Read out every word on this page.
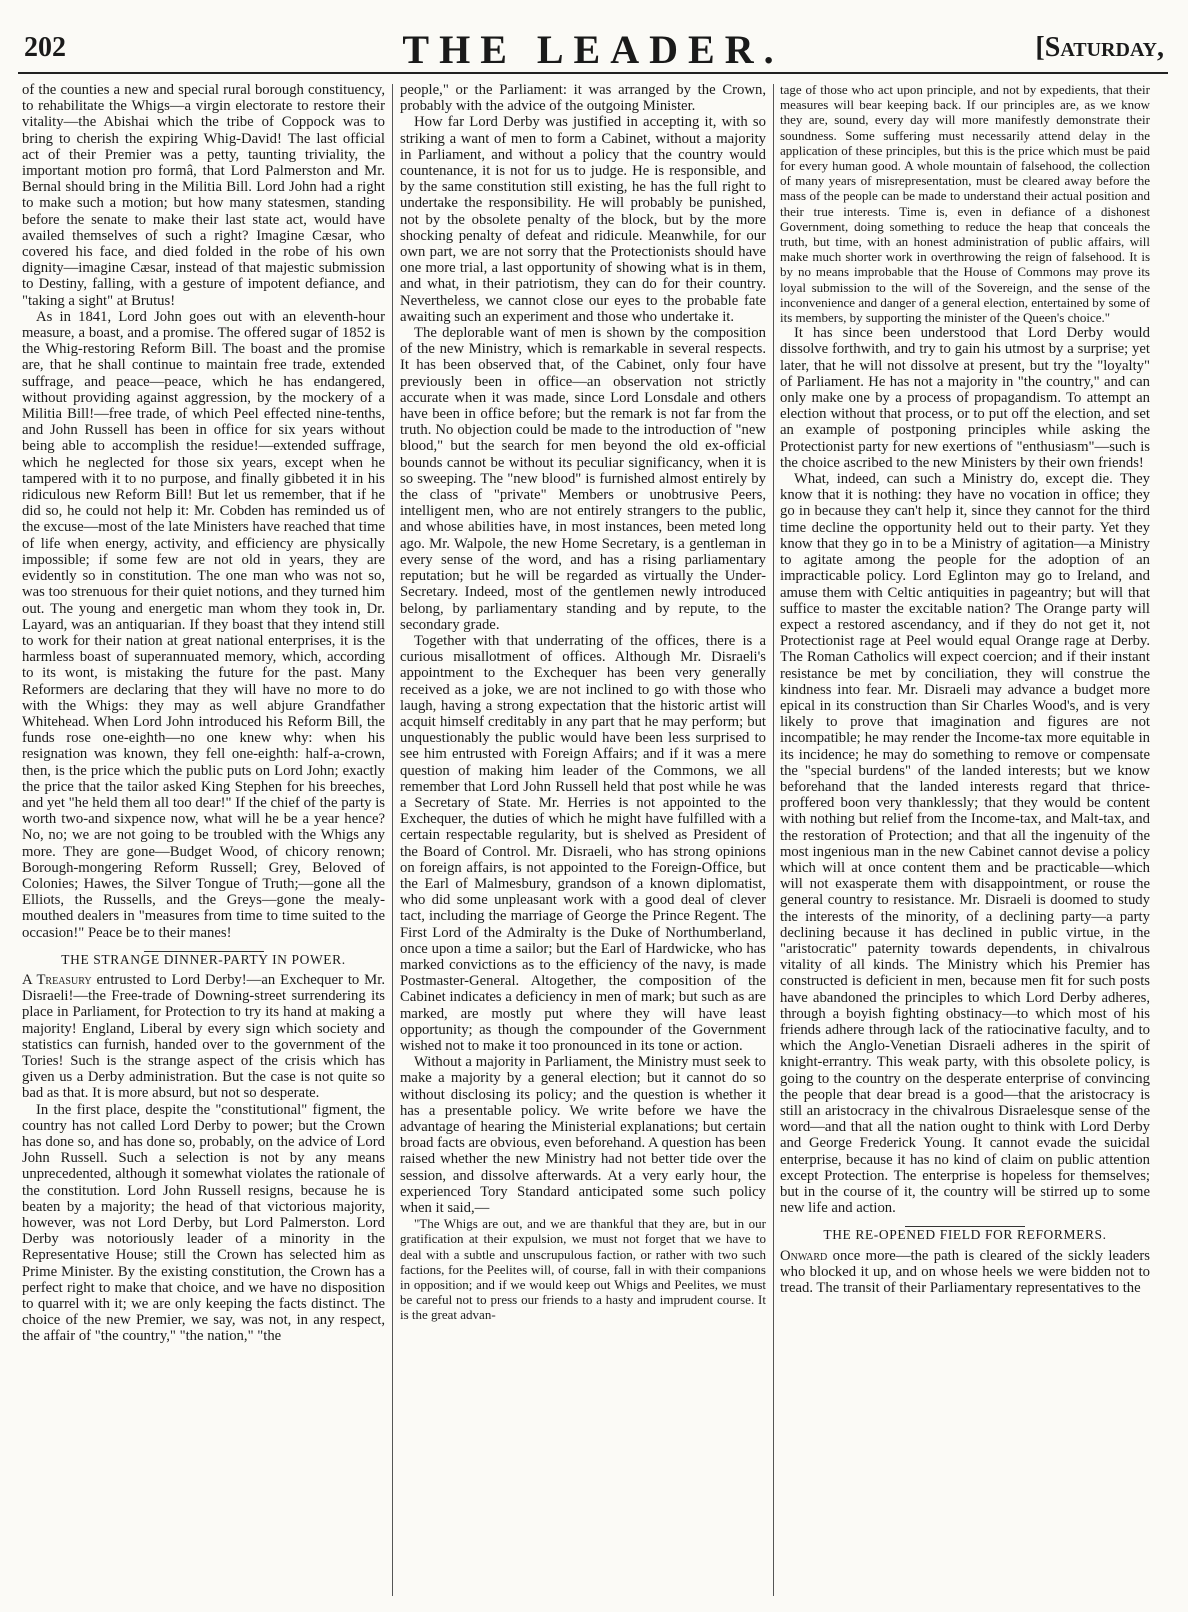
202	THE LEADER.	[Saturday,

of the counties a new and special rural borough constituency, to rehabilitate the Whigs—a virgin electorate to restore their vitality—the Abishai which the tribe of Coppock was to bring to cherish the expiring Whig-David! The last official act of their Premier was a petty, taunting triviality, the important motion pro formâ, that Lord Palmerston and Mr. Bernal should bring in the Militia Bill. Lord John had a right to make such a motion; but how many statesmen, standing before the senate to make their last state act, would have availed themselves of such a right? Imagine Cæsar, who covered his face, and died folded in the robe of his own dignity—imagine Cæsar, instead of that majestic submission to Destiny, falling, with a gesture of impotent defiance, and "taking a sight" at Brutus!

As in 1841, Lord John goes out with an eleventh-hour measure, a boast, and a promise. The offered sugar of 1852 is the Whig-restoring Reform Bill. The boast and the promise are, that he shall continue to maintain free trade, extended suffrage, and peace—peace, which he has endangered, without providing against aggression, by the mockery of a Militia Bill!—free trade, of which Peel effected nine-tenths, and John Russell has been in office for six years without being able to accomplish the residue!—extended suffrage, which he neglected for those six years, except when he tampered with it to no purpose, and finally gibbeted it in his ridiculous new Reform Bill! But let us remember, that if he did so, he could not help it: Mr. Cobden has reminded us of the excuse—most of the late Ministers have reached that time of life when energy, activity, and efficiency are physically impossible; if some few are not old in years, they are evidently so in constitution. The one man who was not so, was too strenuous for their quiet notions, and they turned him out. The young and energetic man whom they took in, Dr. Layard, was an antiquarian. If they boast that they intend still to work for their nation at great national enterprises, it is the harmless boast of superannuated memory, which, according to its wont, is mistaking the future for the past. Many Reformers are declaring that they will have no more to do with the Whigs: they may as well abjure Grandfather Whitehead. When Lord John introduced his Reform Bill, the funds rose one-eighth—no one knew why: when his resignation was known, they fell one-eighth: half-a-crown, then, is the price which the public puts on Lord John; exactly the price that the tailor asked King Stephen for his breeches, and yet "he held them all too dear!" If the chief of the party is worth two-and sixpence now, what will he be a year hence? No, no; we are not going to be troubled with the Whigs any more. They are gone—Budget Wood, of chicory renown; Borough-mongering Reform Russell; Grey, Beloved of Colonies; Hawes, the Silver Tongue of Truth;—gone all the Elliots, the Russells, and the Greys—gone the mealy-mouthed dealers in "measures from time to time suited to the occasion!" Peace be to their manes!

THE STRANGE DINNER-PARTY IN POWER.

A Treasury entrusted to Lord Derby!—an Exchequer to Mr. Disraeli!—the Free-trade of Downing-street surrendering its place in Parliament, for Protection to try its hand at making a majority! England, Liberal by every sign which society and statistics can furnish, handed over to the government of the Tories! Such is the strange aspect of the crisis which has given us a Derby administration. But the case is not quite so bad as that. It is more absurd, but not so desperate.

In the first place, despite the "constitutional" figment, the country has not called Lord Derby to power; but the Crown has done so, and has done so, probably, on the advice of Lord John Russell. Such a selection is not by any means unprecedented, although it somewhat violates the rationale of the constitution. Lord John Russell resigns, because he is beaten by a majority; the head of that victorious majority, however, was not Lord Derby, but Lord Palmerston. Lord Derby was notoriously leader of a minority in the Representative House; still the Crown has selected him as Prime Minister. By the existing constitution, the Crown has a perfect right to make that choice, and we have no disposition to quarrel with it; we are only keeping the facts distinct. The choice of the new Premier, we say, was not, in any respect, the affair of "the country," "the nation," "the

people," or the Parliament: it was arranged by the Crown, probably with the advice of the outgoing Minister.

How far Lord Derby was justified in accepting it, with so striking a want of men to form a Cabinet, without a majority in Parliament, and without a policy that the country would countenance, it is not for us to judge. He is responsible, and by the same constitution still existing, he has the full right to undertake the responsibility. He will probably be punished, not by the obsolete penalty of the block, but by the more shocking penalty of defeat and ridicule. Meanwhile, for our own part, we are not sorry that the Protectionists should have one more trial, a last opportunity of showing what is in them, and what, in their patriotism, they can do for their country. Nevertheless, we cannot close our eyes to the probable fate awaiting such an experiment and those who undertake it.

The deplorable want of men is shown by the composition of the new Ministry, which is remarkable in several respects. It has been observed that, of the Cabinet, only four have previously been in office—an observation not strictly accurate when it was made, since Lord Lonsdale and others have been in office before; but the remark is not far from the truth. No objection could be made to the introduction of "new blood," but the search for men beyond the old ex-official bounds cannot be without its peculiar significancy, when it is so sweeping. The "new blood" is furnished almost entirely by the class of "private" Members or unobtrusive Peers, intelligent men, who are not entirely strangers to the public, and whose abilities have, in most instances, been meted long ago. Mr. Walpole, the new Home Secretary, is a gentleman in every sense of the word, and has a rising parliamentary reputation; but he will be regarded as virtually the Under-Secretary. Indeed, most of the gentlemen newly introduced belong, by parliamentary standing and by repute, to the secondary grade.

Together with that underrating of the offices, there is a curious misallotment of offices. Although Mr. Disraeli's appointment to the Exchequer has been very generally received as a joke, we are not inclined to go with those who laugh, having a strong expectation that the historic artist will acquit himself creditably in any part that he may perform; but unquestionably the public would have been less surprised to see him entrusted with Foreign Affairs; and if it was a mere question of making him leader of the Commons, we all remember that Lord John Russell held that post while he was a Secretary of State. Mr. Herries is not appointed to the Exchequer, the duties of which he might have fulfilled with a certain respectable regularity, but is shelved as President of the Board of Control. Mr. Disraeli, who has strong opinions on foreign affairs, is not appointed to the Foreign-Office, but the Earl of Malmesbury, grandson of a known diplomatist, who did some unpleasant work with a good deal of clever tact, including the marriage of George the Prince Regent. The First Lord of the Admiralty is the Duke of Northumberland, once upon a time a sailor; but the Earl of Hardwicke, who has marked convictions as to the efficiency of the navy, is made Postmaster-General. Altogether, the composition of the Cabinet indicates a deficiency in men of mark; but such as are marked, are mostly put where they will have least opportunity; as though the compounder of the Government wished not to make it too pronounced in its tone or action.

Without a majority in Parliament, the Ministry must seek to make a majority by a general election; but it cannot do so without disclosing its policy; and the question is whether it has a presentable policy. We write before we have the advantage of hearing the Ministerial explanations; but certain broad facts are obvious, even beforehand. A question has been raised whether the new Ministry had not better tide over the session, and dissolve afterwards. At a very early hour, the experienced Tory Standard anticipated some such policy when it said,—

"The Whigs are out, and we are thankful that they are, but in our gratification at their expulsion, we must not forget that we have to deal with a subtle and unscrupulous faction, or rather with two such factions, for the Peelites will, of course, fall in with their companions in opposition; and if we would keep out Whigs and Peelites, we must be careful not to press our friends to a hasty and imprudent course. It is the great advan-

tage of those who act upon principle, and not by expedients, that their measures will bear keeping back. If our principles are, as we know they are, sound, every day will more manifestly demonstrate their soundness. Some suffering must necessarily attend delay in the application of these principles, but this is the price which must be paid for every human good. A whole mountain of falsehood, the collection of many years of misrepresentation, must be cleared away before the mass of the people can be made to understand their actual position and their true interests. Time is, even in defiance of a dishonest Government, doing something to reduce the heap that conceals the truth, but time, with an honest administration of public affairs, will make much shorter work in overthrowing the reign of falsehood. It is by no means improbable that the House of Commons may prove its loyal submission to the will of the Sovereign, and the sense of the inconvenience and danger of a general election, entertained by some of its members, by supporting the minister of the Queen's choice."

It has since been understood that Lord Derby would dissolve forthwith, and try to gain his utmost by a surprise; yet later, that he will not dissolve at present, but try the "loyalty" of Parliament. He has not a majority in "the country," and can only make one by a process of propagandism. To attempt an election without that process, or to put off the election, and set an example of postponing principles while asking the Protectionist party for new exertions of "enthusiasm"—such is the choice ascribed to the new Ministers by their own friends!

What, indeed, can such a Ministry do, except die. They know that it is nothing: they have no vocation in office; they go in because they can't help it, since they cannot for the third time decline the opportunity held out to their party. Yet they know that they go in to be a Ministry of agitation—a Ministry to agitate among the people for the adoption of an impracticable policy. Lord Eglinton may go to Ireland, and amuse them with Celtic antiquities in pageantry; but will that suffice to master the excitable nation? The Orange party will expect a restored ascendancy, and if they do not get it, not Protectionist rage at Peel would equal Orange rage at Derby. The Roman Catholics will expect coercion; and if their instant resistance be met by conciliation, they will construe the kindness into fear. Mr. Disraeli may advance a budget more epical in its construction than Sir Charles Wood's, and is very likely to prove that imagination and figures are not incompatible; he may render the Income-tax more equitable in its incidence; he may do something to remove or compensate the "special burdens" of the landed interests; but we know beforehand that the landed interests regard that thrice-proffered boon very thanklessly; that they would be content with nothing but relief from the Income-tax, and Malt-tax, and the restoration of Protection; and that all the ingenuity of the most ingenious man in the new Cabinet cannot devise a policy which will at once content them and be practicable—which will not exasperate them with disappointment, or rouse the general country to resistance. Mr. Disraeli is doomed to study the interests of the minority, of a declining party—a party declining because it has declined in public virtue, in the "aristocratic" paternity towards dependents, in chivalrous vitality of all kinds. The Ministry which his Premier has constructed is deficient in men, because men fit for such posts have abandoned the principles to which Lord Derby adheres, through a boyish fighting obstinacy—to which most of his friends adhere through lack of the ratiocinative faculty, and to which the Anglo-Venetian Disraeli adheres in the spirit of knight-errantry. This weak party, with this obsolete policy, is going to the country on the desperate enterprise of convincing the people that dear bread is a good—that the aristocracy is still an aristocracy in the chivalrous Disraelesque sense of the word—and that all the nation ought to think with Lord Derby and George Frederick Young. It cannot evade the suicidal enterprise, because it has no kind of claim on public attention except Protection. The enterprise is hopeless for themselves; but in the course of it, the country will be stirred up to some new life and action.

THE RE-OPENED FIELD FOR REFORMERS.

Onward once more—the path is cleared of the sickly leaders who blocked it up, and on whose heels we were bidden not to tread. The transit of their Parliamentary representatives to the
